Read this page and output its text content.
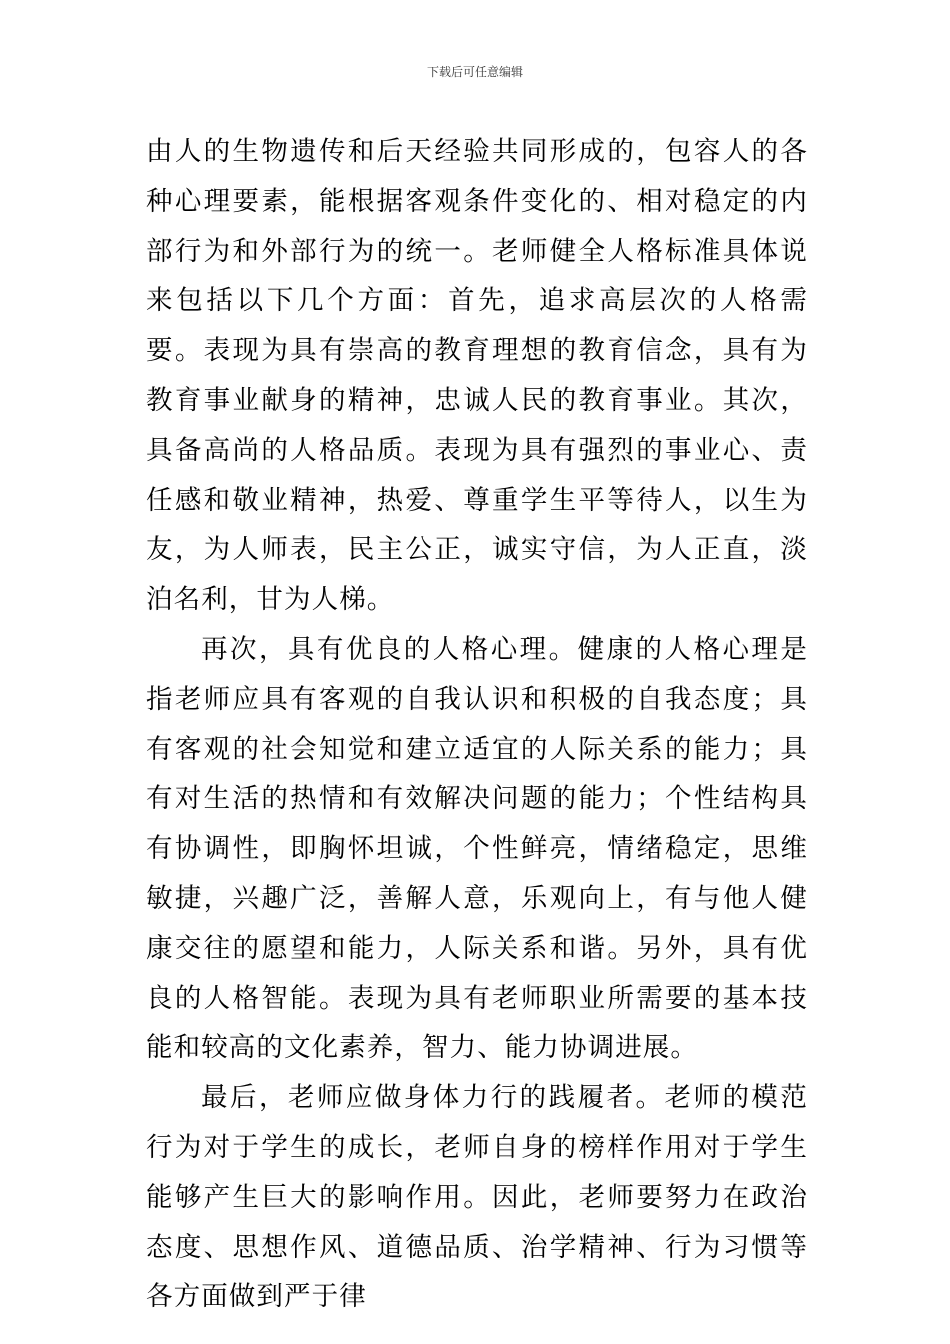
下载后可任意编辑

由人的生物遗传和后天经验共同形成的，包容人的各种心理要素，能根据客观条件变化的、相对稳定的内部行为和外部行为的统一。老师健全人格标准具体说来包括以下几个方面：首先，追求高层次的人格需要。表现为具有崇高的教育理想的教育信念，具有为教育事业献身的精神，忠诚人民的教育事业。其次，具备高尚的人格品质。表现为具有强烈的事业心、责任感和敬业精神，热爱、尊重学生平等待人，以生为友，为人师表，民主公正，诚实守信，为人正直，淡泊名利，甘为人梯。

再次，具有优良的人格心理。健康的人格心理是指老师应具有客观的自我认识和积极的自我态度；具有客观的社会知觉和建立适宜的人际关系的能力；具有对生活的热情和有效解决问题的能力；个性结构具有协调性，即胸怀坦诚，个性鲜亮，情绪稳定，思维敏捷，兴趣广泛，善解人意，乐观向上，有与他人健康交往的愿望和能力，人际关系和谐。另外，具有优良的人格智能。表现为具有老师职业所需要的基本技能和较高的文化素养，智力、能力协调进展。

最后，老师应做身体力行的践履者。老师的模范行为对于学生的成长，老师自身的榜样作用对于学生能够产生巨大的影响作用。因此，老师要努力在政治态度、思想作风、道德品质、治学精神、行为习惯等各方面做到严于律
